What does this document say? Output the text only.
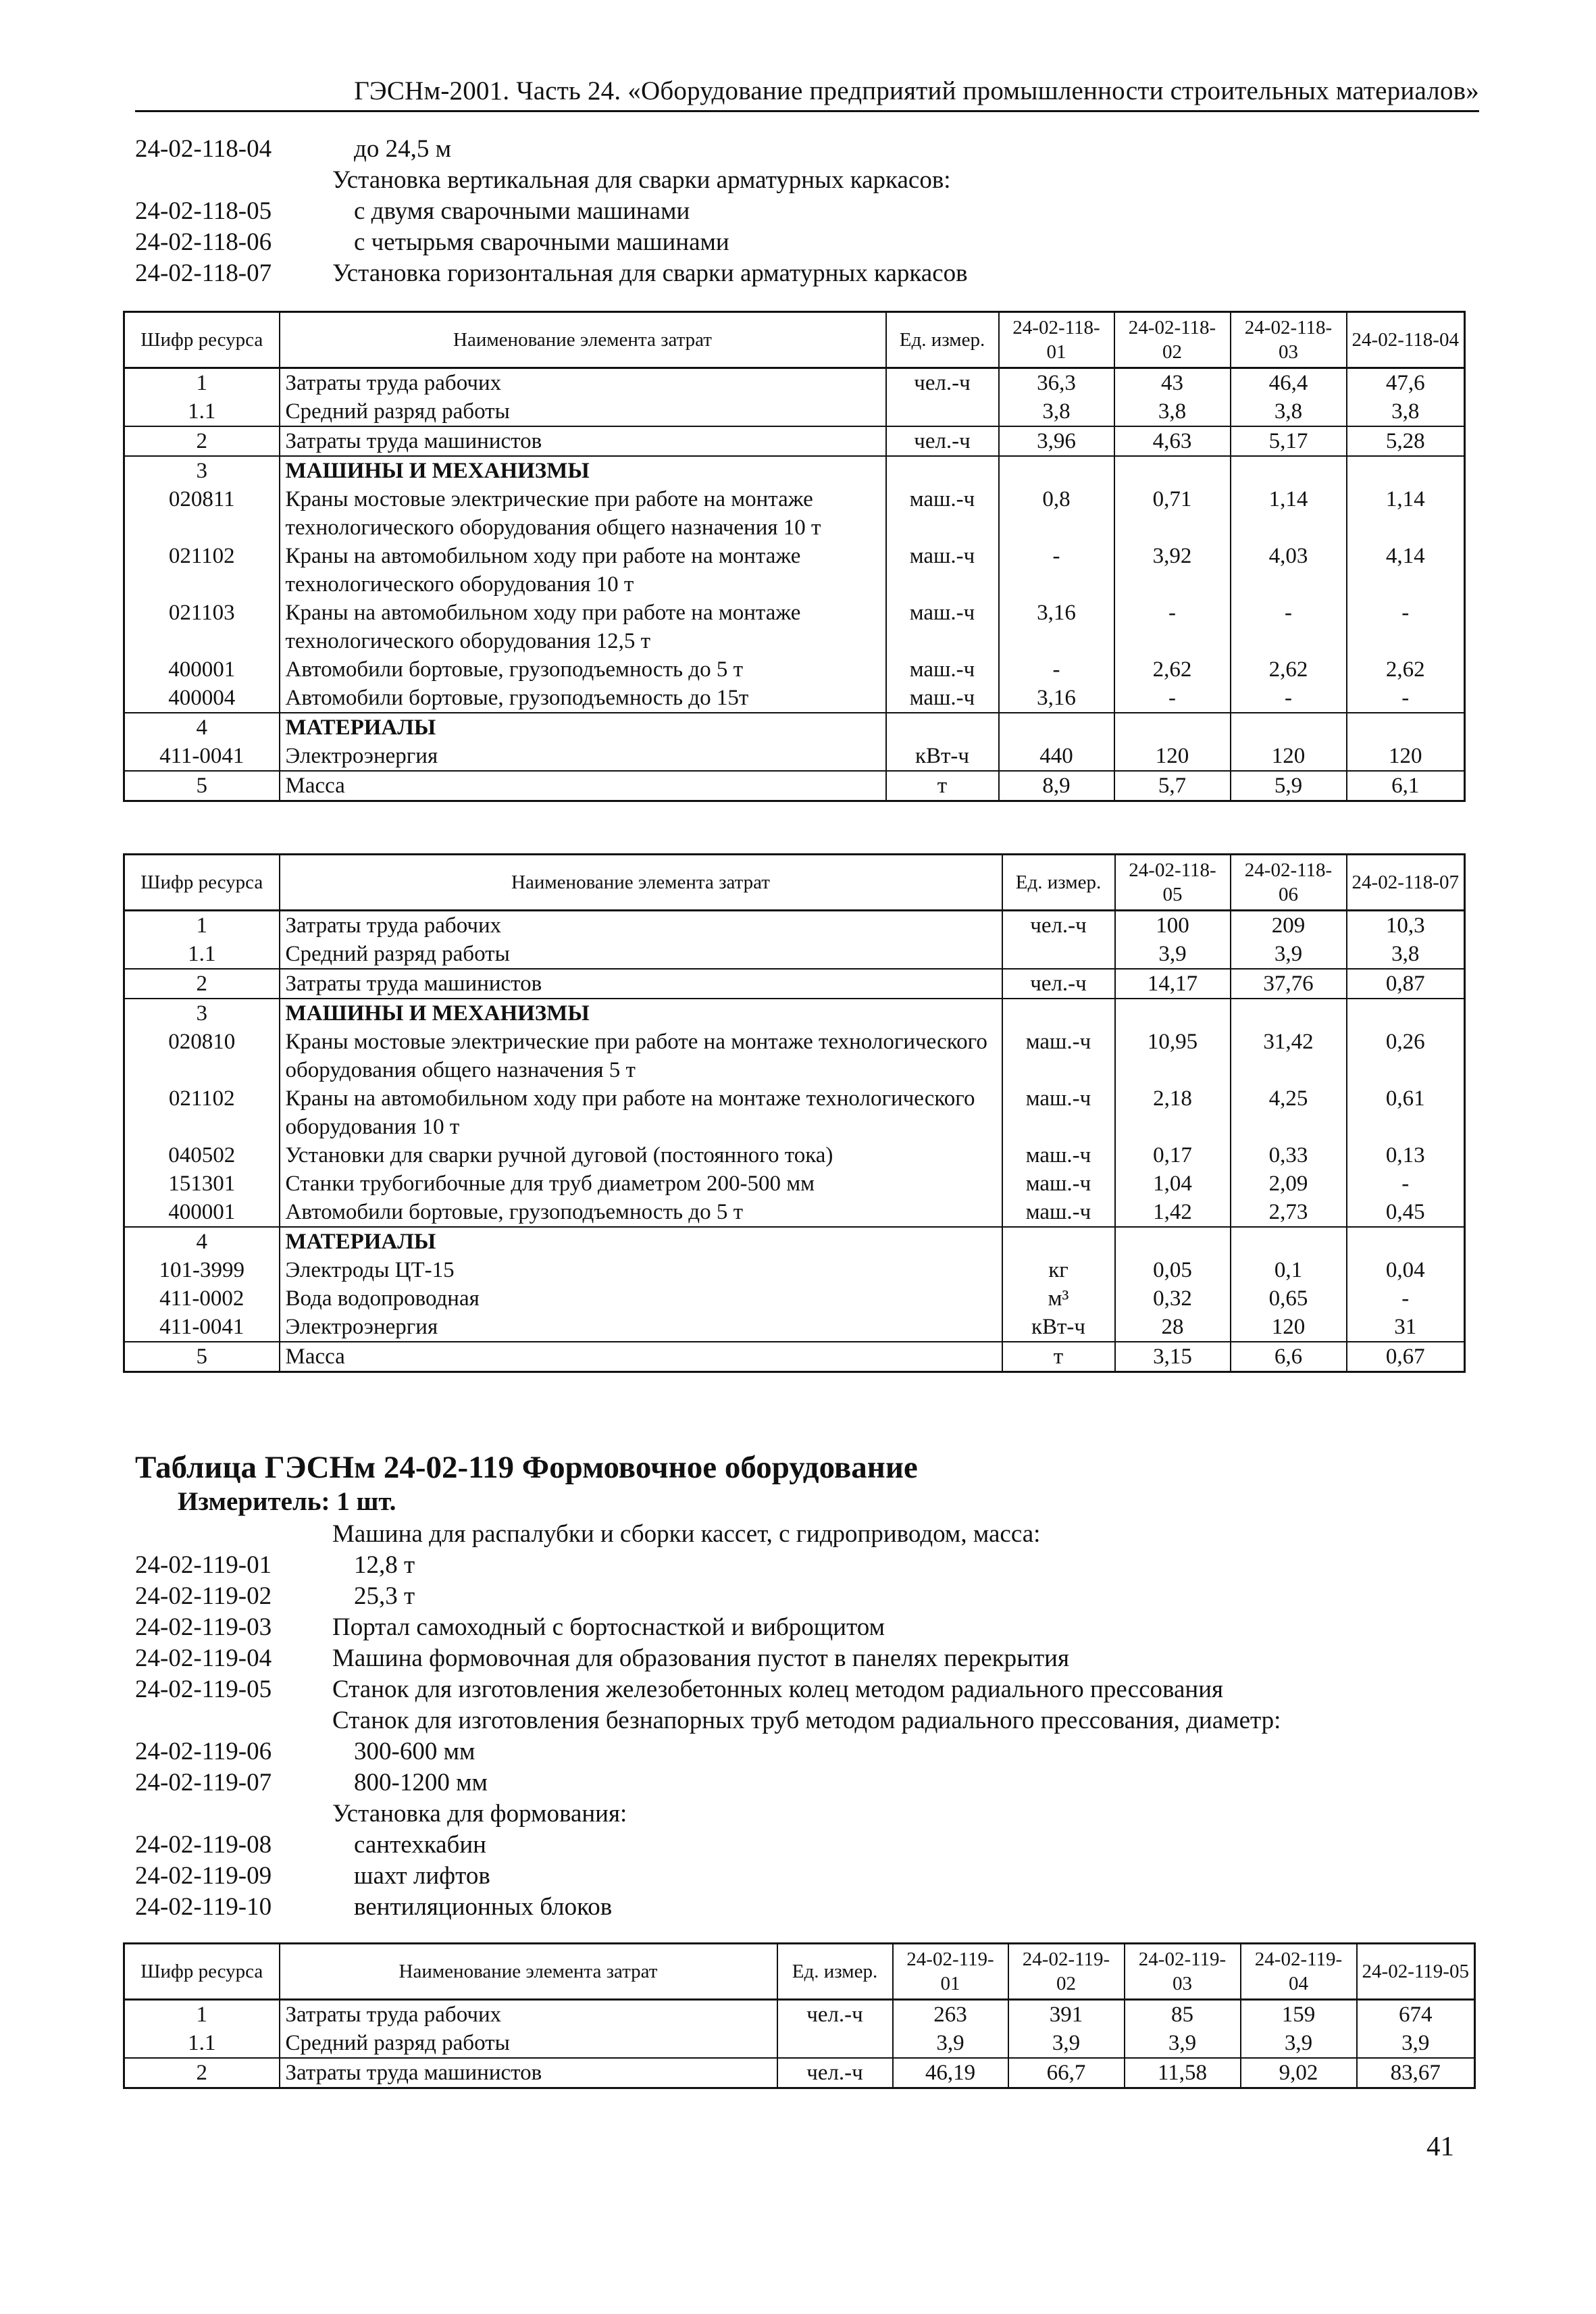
ГЭСНм-2001. Часть 24. «Оборудование предприятий промышленности строительных материалов»
24-02-118-04	до 24,5 м
Установка вертикальная для сварки арматурных каркасов:
24-02-118-05	с двумя сварочными машинами
24-02-118-06	с четырьмя сварочными машинами
24-02-118-07 Установка горизонтальная для сварки арматурных каркасов
Шифр ресурса	Наименование элемента затрат	Ед. измер.	24-02-118-01	24-02-118-02	24-02-118-03	24-02-118-04
1	Затраты труда рабочих	чел.-ч	36,3	43	46,4	47,6
1.1	Средний разряд работы		3,8	3,8	3,8	3,8
2	Затраты труда машинистов	чел.-ч	3,96	4,63	5,17	5,28
3	МАШИНЫ И МЕХАНИЗМЫ					
020811	Краны мостовые электрические при работе на монтаже технологического оборудования общего назначения 10 т	маш.-ч	0,8	0,71	1,14	1,14
021102	Краны на автомобильном ходу при работе на монтаже технологического оборудования 10 т	маш.-ч	-	3,92	4,03	4,14
021103	Краны на автомобильном ходу при работе на монтаже технологического оборудования 12,5 т	маш.-ч	3,16	-	-	-
400001	Автомобили бортовые, грузоподъемность до 5 т	маш.-ч	-	2,62	2,62	2,62
400004	Автомобили бортовые, грузоподъемность до 15т	маш.-ч	3,16	-	-	-
4	МАТЕРИАЛЫ					
411-0041	Электроэнергия	кВт-ч	440	120	120	120
5	Масса	т	8,9	5,7	5,9	6,1
Шифр ресурса	Наименование элемента затрат	Ед. измер.	24-02-118-05	24-02-118-06	24-02-118-07
1	Затраты труда рабочих	чел.-ч	100	209	10,3
1.1	Средний разряд работы		3,9	3,9	3,8
2	Затраты труда машинистов	чел.-ч	14,17	37,76	0,87
3	МАШИНЫ И МЕХАНИЗМЫ				
020810	Краны мостовые электрические при работе на монтаже технологического оборудования общего назначения 5 т	маш.-ч	10,95	31,42	0,26
021102	Краны на автомобильном ходу при работе на монтаже технологического оборудования 10 т	маш.-ч	2,18	4,25	0,61
040502	Установки для сварки ручной дуговой (постоянного тока)	маш.-ч	0,17	0,33	0,13
151301	Станки трубогибочные для труб диаметром 200-500 мм	маш.-ч	1,04	2,09	-
400001	Автомобили бортовые, грузоподъемность до 5 т	маш.-ч	1,42	2,73	0,45
4	МАТЕРИАЛЫ				
101-3999	Электроды ЦТ-15	кг	0,05	0,1	0,04
411-0002	Вода водопроводная	м³	0,32	0,65	-
411-0041	Электроэнергия	кВт-ч	28	120	31
5	Масса	т	3,15	6,6	0,67
Таблица ГЭСНм 24-02-119 Формовочное оборудование
Измеритель: 1 шт.
Машина для распалубки и сборки кассет, с гидроприводом, масса:
24-02-119-01	12,8 т
24-02-119-02	25,3 т
24-02-119-03 Портал самоходный с бортоснасткой и виброщитом
24-02-119-04 Машина формовочная для образования пустот в панелях перекрытия
24-02-119-05 Станок для изготовления железобетонных колец методом радиального прессования
Станок для изготовления безнапорных труб методом радиального прессования, диаметр:
24-02-119-06	300-600 мм
24-02-119-07	800-1200 мм
Установка для формования:
24-02-119-08	сантехкабин
24-02-119-09	шахт лифтов
24-02-119-10	вентиляционных блоков
Шифр ресурса	Наименование элемента затрат	Ед. измер.	24-02-119-01	24-02-119-02	24-02-119-03	24-02-119-04	24-02-119-05
1	Затраты труда рабочих	чел.-ч	263	391	85	159	674
1.1	Средний разряд работы		3,9	3,9	3,9	3,9	3,9
2	Затраты труда машинистов	чел.-ч	46,19	66,7	11,58	9,02	83,67
41
